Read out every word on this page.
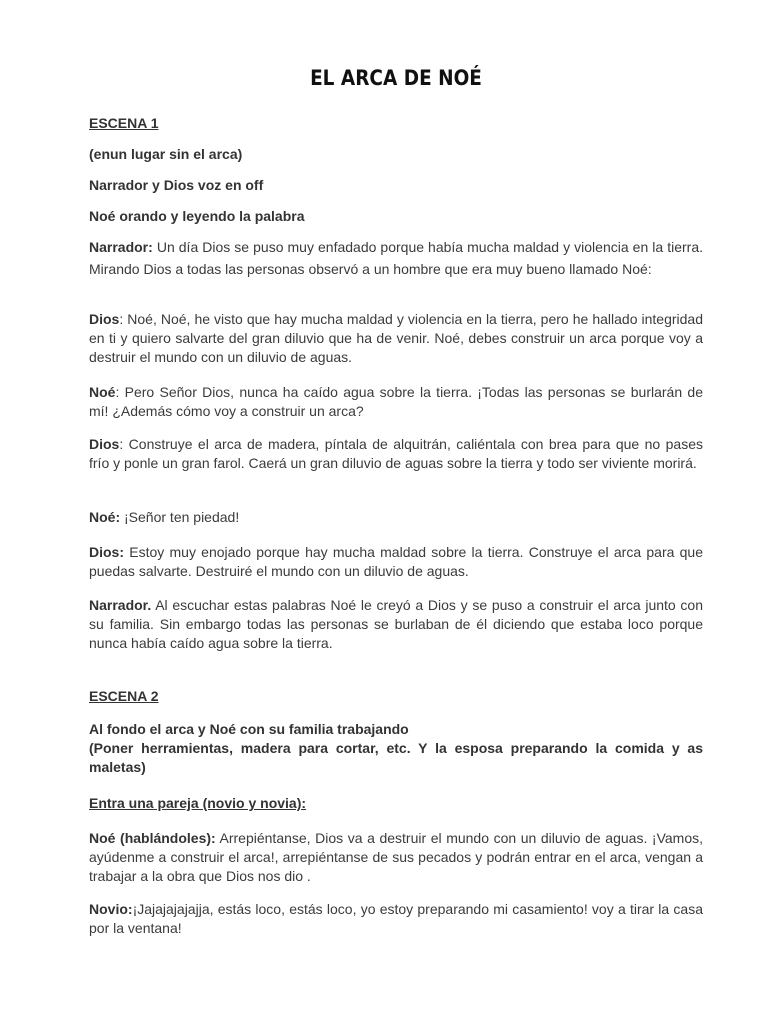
EL ARCA DE NOÉ
ESCENA 1
(enun lugar sin el arca)
Narrador y Dios voz en off
Noé orando y leyendo la palabra
Narrador: Un día Dios se puso muy enfadado porque había mucha maldad y violencia en la tierra. Mirando Dios a todas las personas observó a un hombre que era muy bueno llamado Noé:
Dios: Noé, Noé, he visto que hay mucha maldad y violencia en la tierra, pero he hallado integridad en ti y quiero salvarte del gran diluvio que ha de venir. Noé, debes construir un arca porque voy a destruir el mundo con un diluvio de aguas.
Noé: Pero Señor Dios, nunca ha caído agua sobre la tierra. ¡Todas las personas se burlarán de mí! ¿Además cómo voy a construir un arca?
Dios: Construye el arca de madera, píntala de alquitrán, caliéntala con brea para que no pases frío y ponle un gran farol. Caerá un gran diluvio de aguas sobre la tierra y todo ser viviente morirá.
Noé: ¡Señor ten piedad!
Dios: Estoy muy enojado porque hay mucha maldad sobre la tierra. Construye el arca para que puedas salvarte. Destruiré el mundo con un diluvio de aguas.
Narrador. Al escuchar estas palabras Noé le creyó a Dios y se puso a construir el arca junto con su familia. Sin embargo todas las personas se burlaban de él diciendo que estaba loco porque nunca había caído agua sobre la tierra.
ESCENA 2
Al fondo el arca y Noé con su familia trabajando
(Poner herramientas, madera para cortar, etc. Y la esposa preparando la comida y as maletas)
Entra una pareja (novio y novia):
Noé (hablándoles): Arrepiéntanse, Dios va a destruir el mundo con un diluvio de aguas. ¡Vamos, ayúdenme a construir el arca!, arrepiéntanse de sus pecados y podrán entrar en el arca, vengan a trabajar a la obra que Dios nos dio .
Novio:¡Jajajajajajja, estás loco, estás loco, yo estoy preparando mi casamiento! voy a tirar la casa por la ventana!
